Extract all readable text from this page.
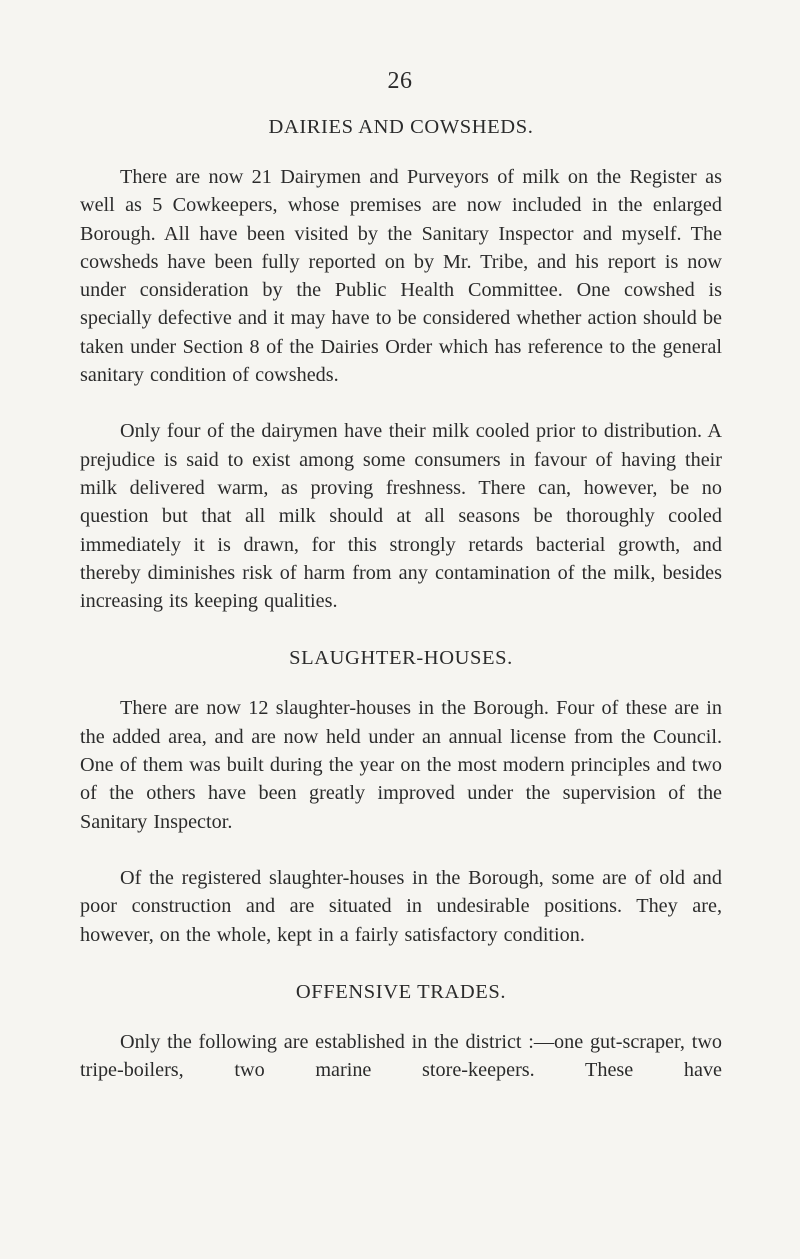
26
DAIRIES AND COWSHEDS.

There are now 21 Dairymen and Purveyors of milk on the Register as well as 5 Cowkeepers, whose premises are now included in the enlarged Borough. All have been visited by the Sanitary Inspector and myself. The cowsheds have been fully reported on by Mr. Tribe, and his report is now under consideration by the Public Health Committee. One cowshed is specially defective and it may have to be considered whether action should be taken under Section 8 of the Dairies Order which has reference to the general sanitary condition of cowsheds.

Only four of the dairymen have their milk cooled prior to distribution. A prejudice is said to exist among some consumers in favour of having their milk delivered warm, as proving freshness. There can, however, be no question but that all milk should at all seasons be thoroughly cooled immediately it is drawn, for this strongly retards bacterial growth, and thereby diminishes risk of harm from any contamination of the milk, besides increasing its keeping qualities.

SLAUGHTER-HOUSES.

There are now 12 slaughter-houses in the Borough. Four of these are in the added area, and are now held under an annual license from the Council. One of them was built during the year on the most modern principles and two of the others have been greatly improved under the supervision of the Sanitary Inspector.

Of the registered slaughter-houses in the Borough, some are of old and poor construction and are situated in undesirable positions. They are, however, on the whole, kept in a fairly satisfactory condition.

OFFENSIVE TRADES.

Only the following are established in the district :—one gut-scraper, two tripe-boilers, two marine store-keepers. These have
